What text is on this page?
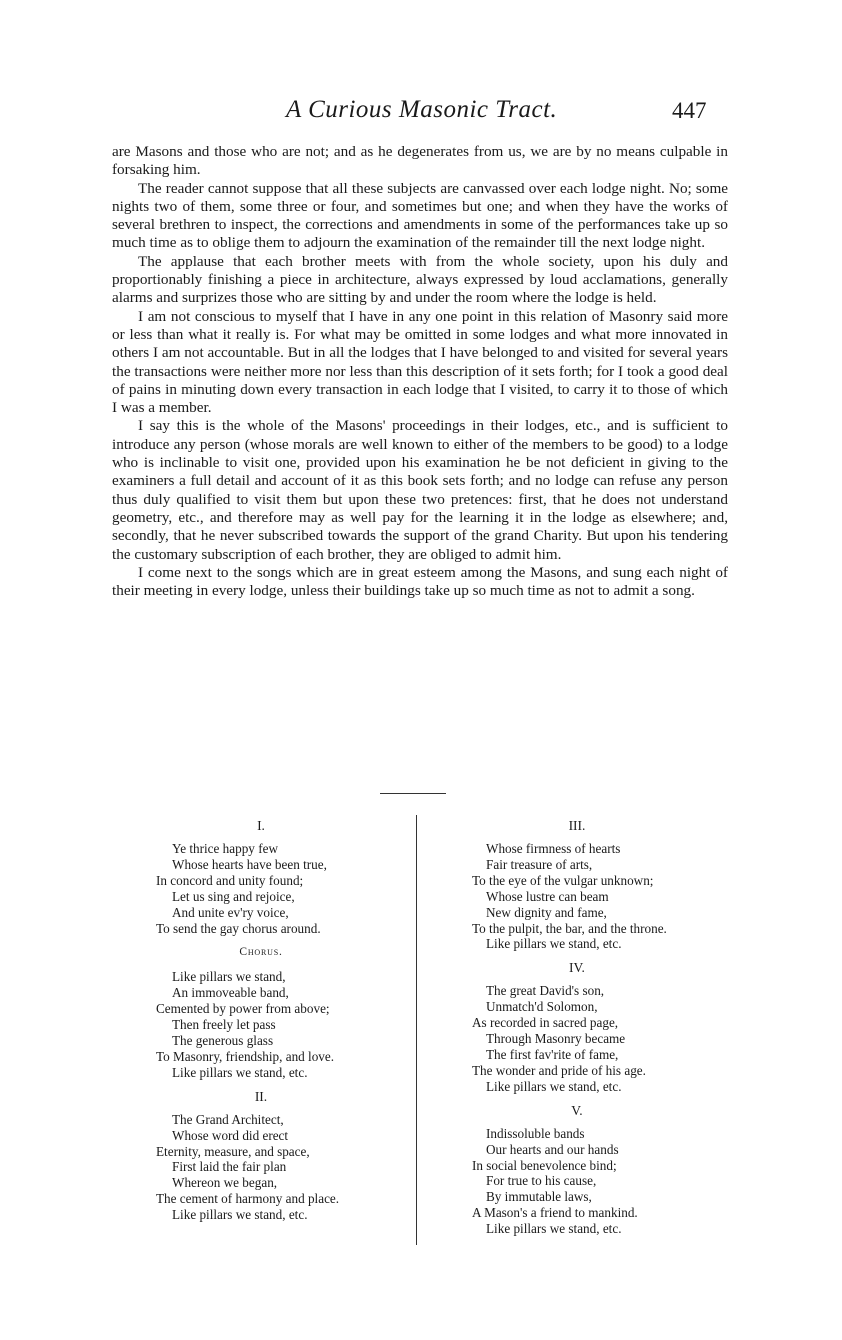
A Curious Masonic Tract.	447

are Masons and those who are not; and as he degenerates from us, we are by no means culpable in forsaking him.

The reader cannot suppose that all these subjects are canvassed over each lodge night. No; some nights two of them, some three or four, and sometimes but one; and when they have the works of several brethren to inspect, the corrections and amendments in some of the performances take up so much time as to oblige them to adjourn the examination of the remainder till the next lodge night.

The applause that each brother meets with from the whole society, upon his duly and proportionably finishing a piece in architecture, always expressed by loud acclamations, generally alarms and surprizes those who are sitting by and under the room where the lodge is held.

I am not conscious to myself that I have in any one point in this relation of Masonry said more or less than what it really is. For what may be omitted in some lodges and what more innovated in others I am not accountable. But in all the lodges that I have belonged to and visited for several years the transactions were neither more nor less than this description of it sets forth; for I took a good deal of pains in minuting down every transaction in each lodge that I visited, to carry it to those of which I was a member.

I say this is the whole of the Masons' proceedings in their lodges, etc., and is sufficient to introduce any person (whose morals are well known to either of the members to be good) to a lodge who is inclinable to visit one, provided upon his examination he be not deficient in giving to the examiners a full detail and account of it as this book sets forth; and no lodge can refuse any person thus duly qualified to visit them but upon these two pretences: first, that he does not understand geometry, etc., and therefore may as well pay for the learning it in the lodge as elsewhere; and, secondly, that he never subscribed towards the support of the grand Charity. But upon his tendering the customary subscription of each brother, they are obliged to admit him.

I come next to the songs which are in great esteem among the Masons, and sung each night of their meeting in every lodge, unless their buildings take up so much time as not to admit a song.

I.
Ye thrice happy few
Whose hearts have been true,
In concord and unity found;
Let us sing and rejoice,
And unite ev'ry voice,
To send the gay chorus around.
Chorus.
Like pillars we stand,
An immoveable band,
Cemented by power from above;
Then freely let pass
The generous glass
To Masonry, friendship, and love.
Like pillars we stand, etc.
II.
The Grand Architect,
Whose word did erect
Eternity, measure, and space,
First laid the fair plan
Whereon we began,
The cement of harmony and place.
Like pillars we stand, etc.
III.
Whose firmness of hearts
Fair treasure of arts,
To the eye of the vulgar unknown;
Whose lustre can beam
New dignity and fame,
To the pulpit, the bar, and the throne.
Like pillars we stand, etc.
IV.
The great David's son,
Unmatch'd Solomon,
As recorded in sacred page,
Through Masonry became
The first fav'rite of fame,
The wonder and pride of his age.
Like pillars we stand, etc.
V.
Indissoluble bands
Our hearts and our hands
In social benevolence bind;
For true to his cause,
By immutable laws,
A Mason's a friend to mankind.
Like pillars we stand, etc.
